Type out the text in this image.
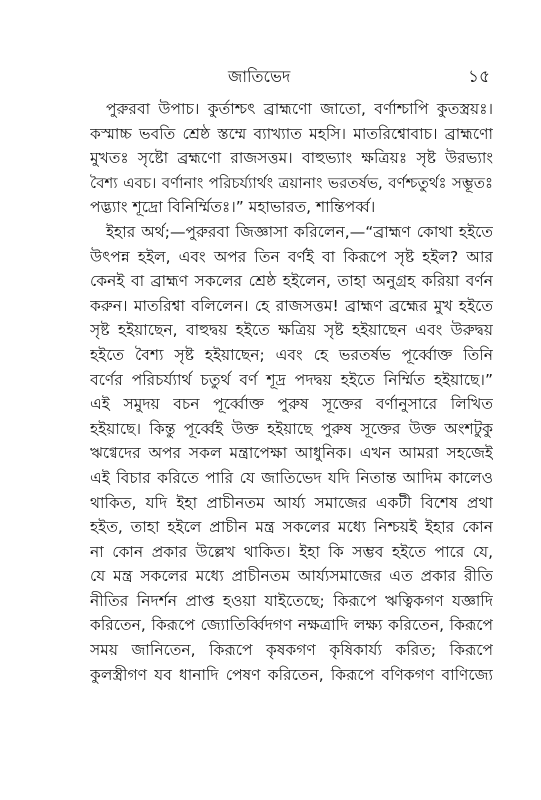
জাতিভেদ	১৫
পুরুরবা উপাচ। কুর্তাশ্চৎ ব্রাহ্মণো জাতো, বর্ণাশ্চাপি কুতস্ত্রয়ঃ।
কস্মাচ্চ ভবতি শ্রেষ্ঠ স্তম্মে ব্যাখ্যাত মহসি। মাতরিশ্বোবাচ। ব্রাহ্মণো
মুখতঃ সৃষ্টো ব্রহ্মণো রাজসত্তম। বাহুভ্যাং ক্ষত্রিয়ঃ সৃষ্ট উরভ্যাং
বৈশ্য এবচ। বর্ণানাং পরিচর্য্যার্থং ত্রয়ানাং ভরতর্ষভ, বর্ণশ্চতুর্থঃ সম্ভূতঃ
পদ্ভ্যাং শূদ্রো বিনির্ম্মিতঃ।” মহাভারত, শান্তিপর্ব্ব।
ইহার অর্থ;—পুরুরবা জিজ্ঞাসা করিলেন,—“ব্রাহ্মণ কোথা হইতে
উৎপন্ন হইল, এবং অপর তিন বর্ণই বা কিরূপে সৃষ্ট হইল? আর
কেনই বা ব্রাহ্মণ সকলের শ্রেষ্ঠ হইলেন, তাহা অনুগ্রহ করিয়া বর্ণন
করুন। মাতরিশ্বা বলিলেন। হে রাজসত্তম! ব্রাহ্মণ ব্রহ্মের মুখ হইতে
সৃষ্ট হইয়াছেন, বাহুদ্বয় হইতে ক্ষত্রিয় সৃষ্ট হইয়াছেন এবং উরুদ্বয়
হইতে বৈশ্য সৃষ্ট হইয়াছেন; এবং হে ভরতর্ষভ পূর্ব্বোক্ত তিনি
বর্ণের পরিচর্য্যার্থ চতুর্থ বর্ণ শূদ্র পদদ্বয় হইতে নির্ম্মিত হইয়াছে।”
এই সমুদয় বচন পূর্ব্বোক্ত পুরুষ সূক্তের বর্ণানুসারে লিখিত
হইয়াছে। কিন্তু পূর্ব্বেই উক্ত হইয়াছে পুরুষ সূক্তের উক্ত অংশটুকু
ঋগ্বেদের অপর সকল মন্ত্রাপেক্ষা আধুনিক। এখন আমরা সহজেই
এই বিচার করিতে পারি যে জাতিভেদ যদি নিতান্ত আদিম কালেও
থাকিত, যদি ইহা প্রাচীনতম আর্য্য সমাজের একটী বিশেষ প্রথা
হইত, তাহা হইলে প্রাচীন মন্ত্র সকলের মধ্যে নিশ্চয়ই ইহার কোন
না কোন প্রকার উল্লেখ থাকিত। ইহা কি সম্ভব হইতে পারে যে,
যে মন্ত্র সকলের মধ্যে প্রাচীনতম আর্য্যসমাজের এত প্রকার রীতি
নীতির নিদর্শন প্রাপ্ত হওয়া যাইতেছে; কিরূপে ঋত্বিকগণ যজ্ঞাদি
করিতেন, কিরূপে জ্যোতির্ব্বিদগণ নক্ষত্রাদি লক্ষ্য করিতেন, কিরূপে
সময় জানিতেন, কিরূপে কৃষকগণ কৃষিকার্য্য করিত; কিরূপে
কুলস্ত্রীগণ যব ধানাদি পেষণ করিতেন, কিরূপে বণিকগণ বাণিজ্যে
